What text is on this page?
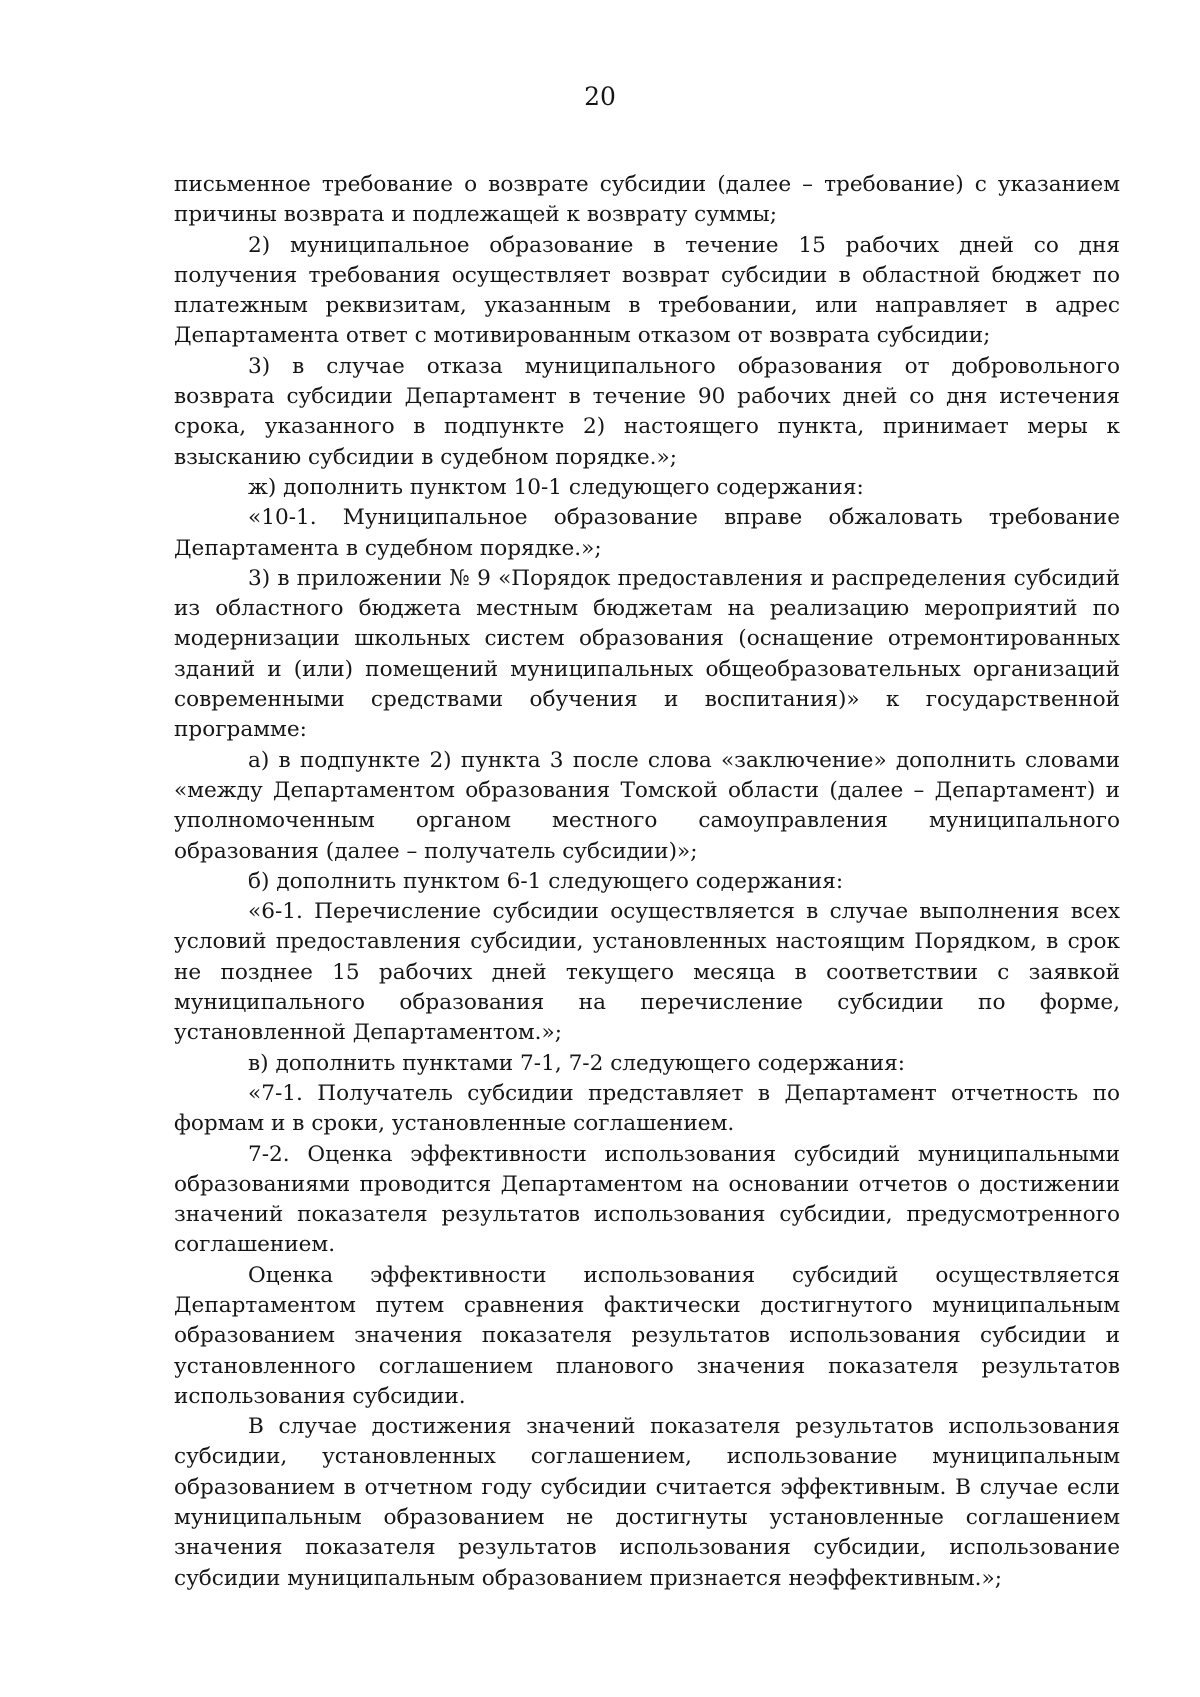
20

письменное требование о возврате субсидии (далее – требование) с указанием причины возврата и подлежащей к возврату суммы;

2) муниципальное образование в течение 15 рабочих дней со дня получения требования осуществляет возврат субсидии в областной бюджет по платежным реквизитам, указанным в требовании, или направляет в адрес Департамента ответ с мотивированным отказом от возврата субсидии;

3) в случае отказа муниципального образования от добровольного возврата субсидии Департамент в течение 90 рабочих дней со дня истечения срока, указанного в подпункте 2) настоящего пункта, принимает меры к взысканию субсидии в судебном порядке.»;

ж) дополнить пунктом 10-1 следующего содержания:

«10-1. Муниципальное образование вправе обжаловать требование Департамента в судебном порядке.»;

3) в приложении № 9 «Порядок предоставления и распределения субсидий из областного бюджета местным бюджетам на реализацию мероприятий по модернизации школьных систем образования (оснащение отремонтированных зданий и (или) помещений муниципальных общеобразовательных организаций современными средствами обучения и воспитания)» к государственной программе:

а) в подпункте 2) пункта 3 после слова «заключение» дополнить словами «между Департаментом образования Томской области (далее – Департамент) и уполномоченным органом местного самоуправления муниципального образования (далее – получатель субсидии)»;

б) дополнить пунктом 6-1 следующего содержания:

«6-1. Перечисление субсидии осуществляется в случае выполнения всех условий предоставления субсидии, установленных настоящим Порядком, в срок не позднее 15 рабочих дней текущего месяца в соответствии с заявкой муниципального образования на перечисление субсидии по форме, установленной Департаментом.»;

в) дополнить пунктами 7-1, 7-2 следующего содержания:

«7-1. Получатель субсидии представляет в Департамент отчетность по формам и в сроки, установленные соглашением.

7-2. Оценка эффективности использования субсидий муниципальными образованиями проводится Департаментом на основании отчетов о достижении значений показателя результатов использования субсидии, предусмотренного соглашением.

Оценка эффективности использования субсидий осуществляется Департаментом путем сравнения фактически достигнутого муниципальным образованием значения показателя результатов использования субсидии и установленного соглашением планового значения показателя результатов использования субсидии.

В случае достижения значений показателя результатов использования субсидии, установленных соглашением, использование муниципальным образованием в отчетном году субсидии считается эффективным. В случае если муниципальным образованием не достигнуты установленные соглашением значения показателя результатов использования субсидии, использование субсидии муниципальным образованием признается неэффективным.»;
